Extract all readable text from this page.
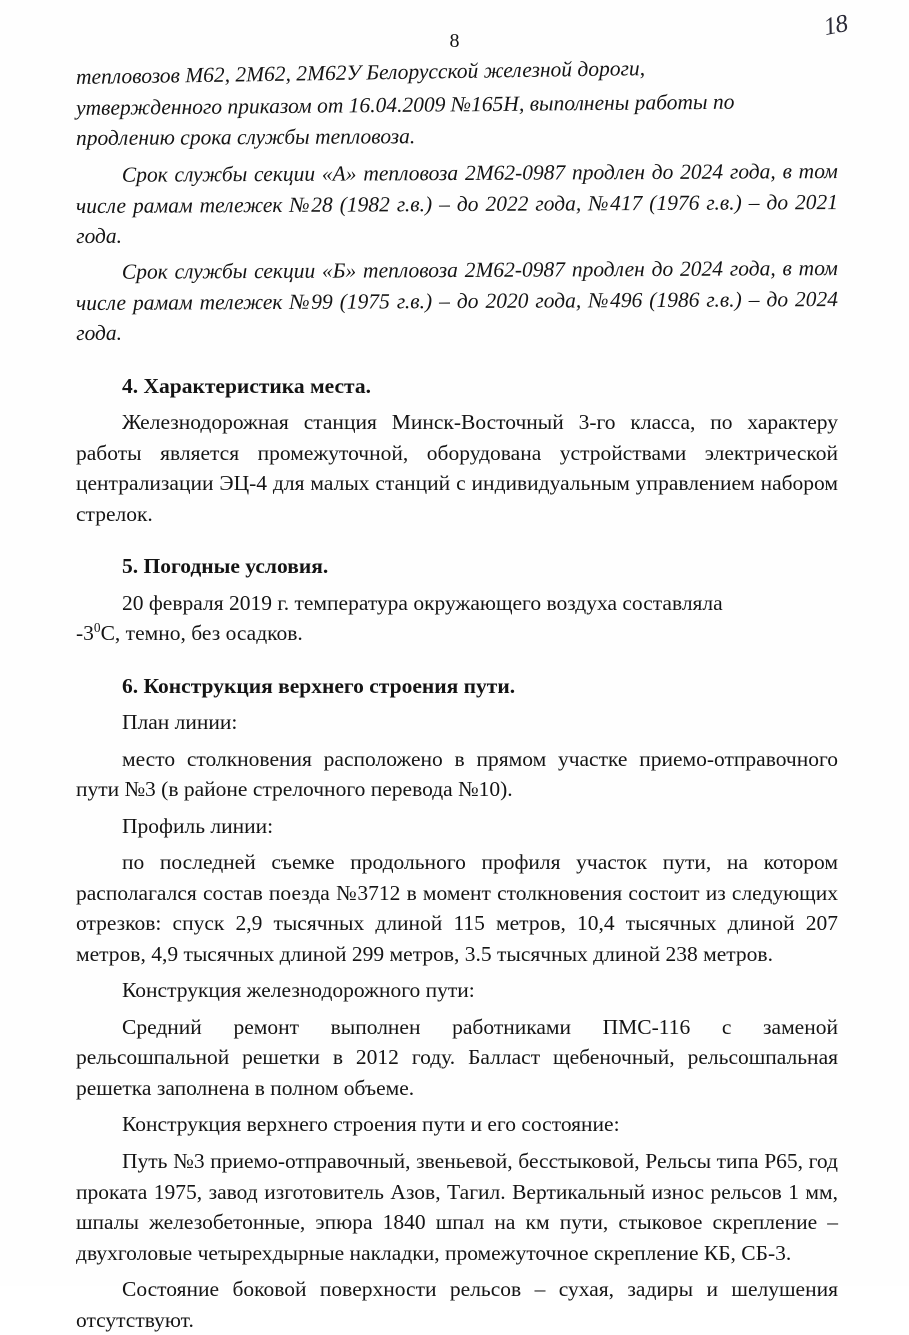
8
18

тепловозов М62, 2М62, 2М62У Белорусской железной дороги,

утвержденного приказом от 16.04.2009 №165Н, выполнены работы по

продлению срока службы тепловоза.

Срок службы секции «А» тепловоза 2М62-0987 продлен до 2024 года, в том числе рамам тележек №28 (1982 г.в.) – до 2022 года, №417 (1976 г.в.) – до 2021 года.

Срок службы секции «Б» тепловоза 2М62-0987 продлен до 2024 года, в том числе рамам тележек №99 (1975 г.в.) – до 2020 года, №496 (1986 г.в.) – до 2024 года.

4. Характеристика места.

Железнодорожная станция Минск-Восточный 3-го класса, по характеру работы является промежуточной, оборудована устройствами электрической централизации ЭЦ-4 для малых станций с индивидуальным управлением набором стрелок.

5. Погодные условия.

20 февраля 2019 г. температура окружающего воздуха составляла

$-3^0С$, темно, без осадков.

6. Конструкция верхнего строения пути.

План линии:

место столкновения расположено в прямом участке приемо-отправочного пути №3 (в районе стрелочного перевода №10).

Профиль линии:

по последней съемке продольного профиля участок пути, на котором располагался состав поезда №3712 в момент столкновения состоит из следующих отрезков: спуск 2,9 тысячных длиной 115 метров, 10,4 тысячных длиной 207 метров, 4,9 тысячных длиной 299 метров, 3.5 тысячных длиной 238 метров.

Конструкция железнодорожного пути:

Средний ремонт выполнен работниками ПМС-116 с заменой рельсошпальной решетки в 2012 году. Балласт щебеночный, рельсошпальная решетка заполнена в полном объеме.

Конструкция верхнего строения пути и его состояние:

Путь №3 приемо-отправочный, звеньевой, бесстыковой, Рельсы типа Р65, год проката 1975, завод изготовитель Азов, Тагил. Вертикальный износ рельсов 1 мм, шпалы железобетонные, эпюра 1840 шпал на км пути, стыковое скрепление – двухголовые четырехдырные накладки, промежуточное скрепление КБ, СБ-3.

Состояние боковой поверхности рельсов – сухая, задиры и шелушения отсутствуют.
